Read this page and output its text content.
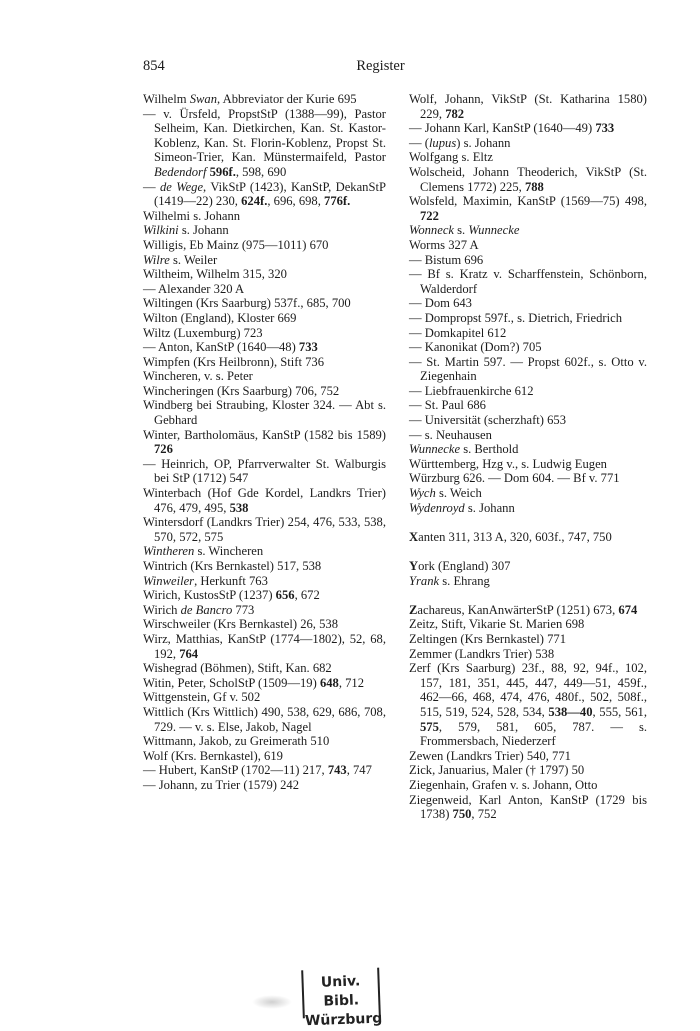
854	Register
Wilhelm Swan, Abbreviator der Kurie 695
— v. Ürsfeld, PropstStP (1388—99), Pastor Selheim, Kan. Dietkirchen, Kan. St. Kastor-Koblenz, Kan. St. Florin-Koblenz, Propst St. Simeon-Trier, Kan. Münstermaifeld, Pastor Bedendorf 596f., 598, 690
— de Wege, VikStP (1423), KanStP, DekanStP (1419—22) 230, 624f., 696, 698, 776f.
Wilhelmi s. Johann
Wilkini s. Johann
Willigis, Eb Mainz (975—1011) 670
Wilre s. Weiler
Wiltheim, Wilhelm 315, 320
— Alexander 320 A
Wiltingen (Krs Saarburg) 537f., 685, 700
Wilton (England), Kloster 669
Wiltz (Luxemburg) 723
— Anton, KanStP (1640—48) 733
Wimpfen (Krs Heilbronn), Stift 736
Wincheren, v. s. Peter
Wincheringen (Krs Saarburg) 706, 752
Windberg bei Straubing, Kloster 324. — Abt s. Gebhard
Winter, Bartholomäus, KanStP (1582 bis 1589) 726
— Heinrich, OP, Pfarrverwalter St. Walburgis bei StP (1712) 547
Winterbach (Hof Gde Kordel, Landkrs Trier) 476, 479, 495, 538
Wintersdorf (Landkrs Trier) 254, 476, 533, 538, 570, 572, 575
Wintheren s. Wincheren
Wintrich (Krs Bernkastel) 517, 538
Winweiler, Herkunft 763
Wirich, KustosStP (1237) 656, 672
Wirich de Bancro 773
Wirschweiler (Krs Bernkastel) 26, 538
Wirz, Matthias, KanStP (1774—1802), 52, 68, 192, 764
Wishegrad (Böhmen), Stift, Kan. 682
Witin, Peter, ScholStP (1509—19) 648, 712
Wittgenstein, Gf v. 502
Wittlich (Krs Wittlich) 490, 538, 629, 686, 708, 729. — v. s. Else, Jakob, Nagel
Wittmann, Jakob, zu Greimerath 510
Wolf (Krs. Bernkastel), 619
— Hubert, KanStP (1702—11) 217, 743, 747
— Johann, zu Trier (1579) 242
Wolf, Johann, VikStP (St. Katharina 1580) 229, 782
— Johann Karl, KanStP (1640—49) 733
— (lupus) s. Johann
Wolfgang s. Eltz
Wolscheid, Johann Theoderich, VikStP (St. Clemens 1772) 225, 788
Wolsfeld, Maximin, KanStP (1569—75) 498, 722
Wonneck s. Wunnecke
Worms 327 A
— Bistum 696
— Bf s. Kratz v. Scharffenstein, Schönborn, Walderdorf
— Dom 643
— Dompropst 597f., s. Dietrich, Friedrich
— Domkapitel 612
— Kanonikat (Dom?) 705
— St. Martin 597. — Propst 602f., s. Otto v. Ziegenhain
— Liebfrauenkirche 612
— St. Paul 686
— Universität (scherzhaft) 653
— s. Neuhausen
Wunnecke s. Berthold
Württemberg, Hzg v., s. Ludwig Eugen
Würzburg 626. — Dom 604. — Bf v. 771
Wych s. Weich
Wydenroyd s. Johann
Xanten 311, 313 A, 320, 603f., 747, 750
York (England) 307
Yrank s. Ehrang
Zachareus, KanAnwärterStP (1251) 673, 674
Zeitz, Stift, Vikarie St. Marien 698
Zeltingen (Krs Bernkastel) 771
Zemmer (Landkrs Trier) 538
Zerf (Krs Saarburg) 23f., 88, 92, 94f., 102, 157, 181, 351, 445, 447, 449—51, 459f., 462—66, 468, 474, 476, 480f., 502, 508f., 515, 519, 524, 528, 534, 538—40, 555, 561, 575, 579, 581, 605, 787. — s. Frommersbach, Niederzerf
Zewen (Landkrs Trier) 540, 771
Zick, Januarius, Maler († 1797) 50
Ziegenhain, Grafen v. s. Johann, Otto
Ziegenweid, Karl Anton, KanStP (1729 bis 1738) 750, 752
Univ. Bibl.
Würzburg
